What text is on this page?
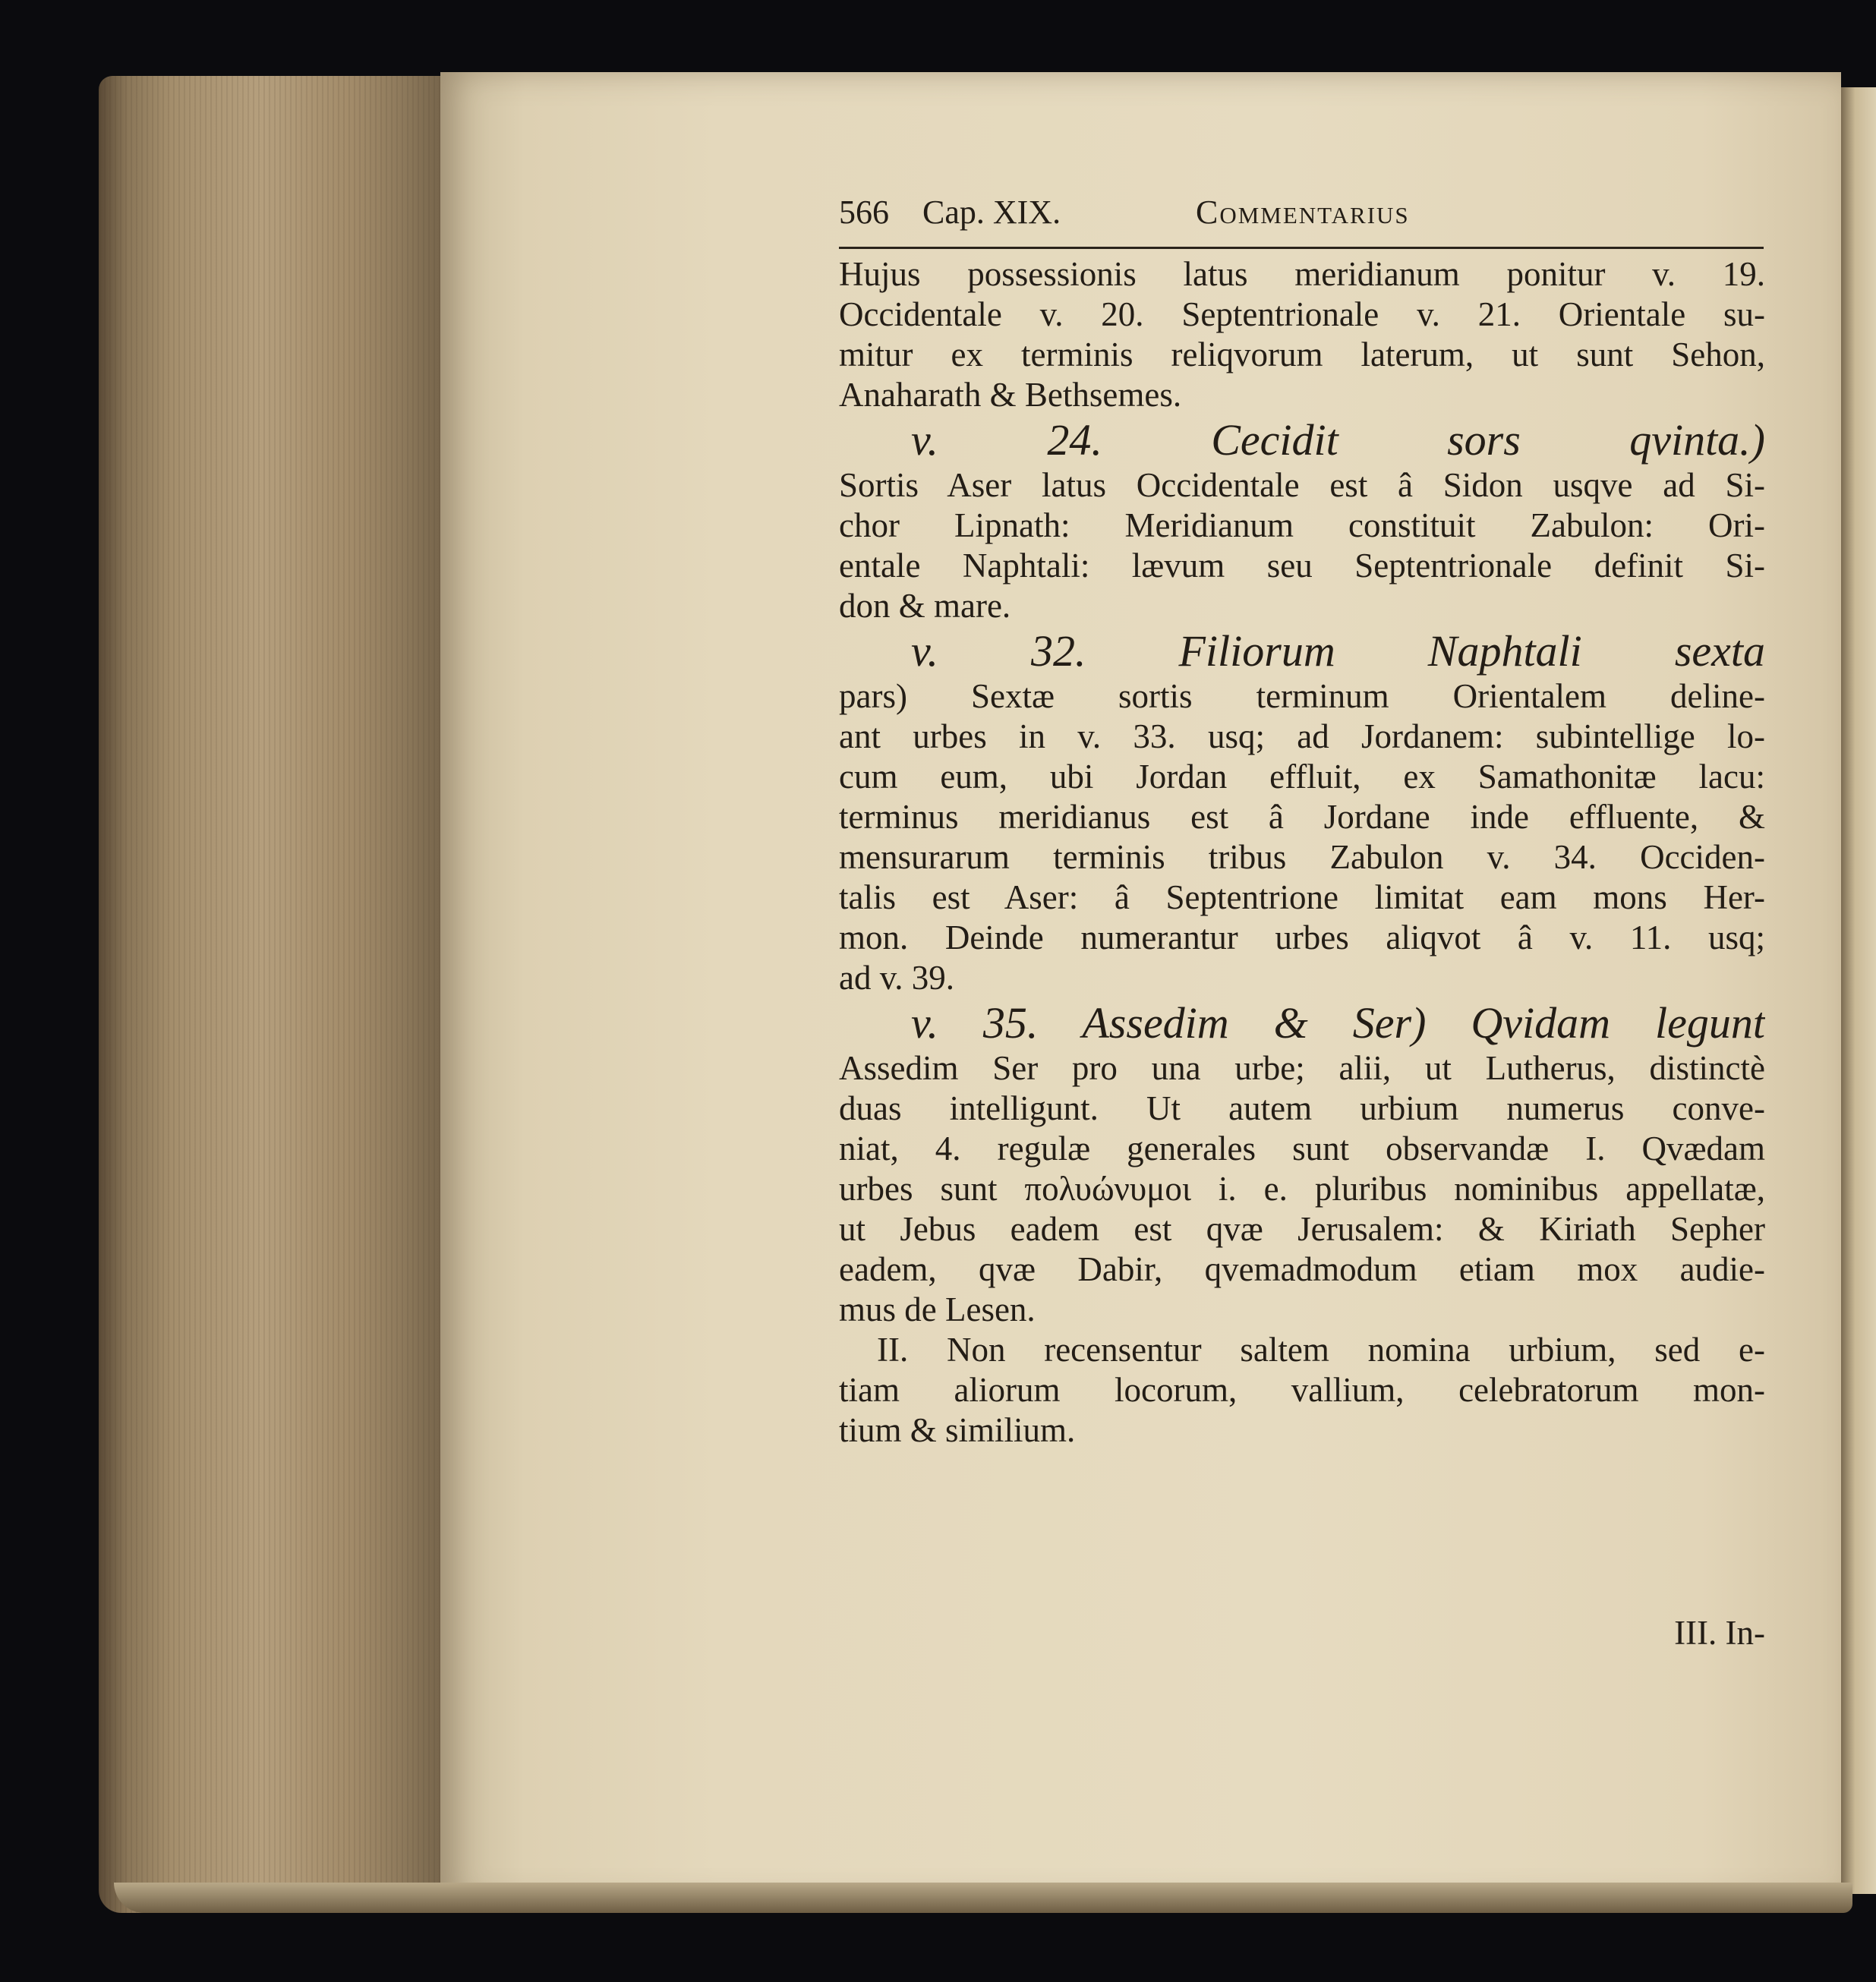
566 Cap. XIX.	Commentarius
Hujus possessionis latus meridianum ponitur v. 19.
Occidentale v. 20. Septentrionale v. 21. Orientale su-
mitur ex terminis reliqvorum laterum, ut sunt Sehon,
Anaharath & Bethsemes.
v. 24. Cecidit sors qvinta.)
Sortis Aser latus Occidentale est â Sidon usqve ad Si-
chor Lipnath: Meridianum constituit Zabulon: Ori-
entale Naphtali: lævum seu Septentrionale definit Si-
don & mare.
v. 32. Filiorum Naphtali sexta
pars) Sextæ sortis terminum Orientalem deline-
ant urbes in v. 33. usq; ad Jordanem: subintellige lo-
cum eum, ubi Jordan effluit, ex Samathonitæ lacu:
terminus meridianus est â Jordane inde effluente, &
mensurarum terminis tribus Zabulon v. 34. Occiden-
talis est Aser: â Septentrione limitat eam mons Her-
mon. Deinde numerantur urbes aliqvot â v. 11. usq;
ad v. 39.
v. 35. Assedim & Ser) Qvidam legunt
Assedim Ser pro una urbe; alii, ut Lutherus, distinctè
duas intelligunt. Ut autem urbium numerus conve-
niat, 4. regulæ generales sunt observandæ I. Qvædam
urbes sunt πολυώνυμοι i. e. pluribus nominibus appellatæ,
ut Jebus eadem est qvæ Jerusalem: & Kiriath Sepher
eadem, qvæ Dabir, qvemadmodum etiam mox audie-
mus de Lesen.
II. Non recensentur saltem nomina urbium, sed e-
tiam aliorum locorum, vallium, celebratorum mon-
tium & similium.
III. In-
